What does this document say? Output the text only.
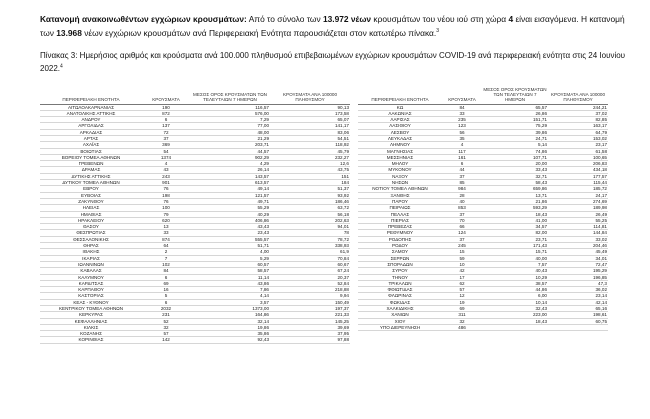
Κατανομή ανακοινωθέντων εγχώριων κρουσμάτων: Από το σύνολο των 13.972 νέων κρουσμάτων του νέου ιού στη χώρα 4 είναι εισαγόμενα. Η κατανομή των 13.968 νέων εγχώριων κρουσμάτων ανά Περιφερειακή Ενότητα παρουσιάζεται στον κατωτέρω πίνακα.$^3$
Πίνακας 3: Ημερήσιος αριθμός και κρούσματα ανά 100.000 πληθυσμού επιβεβαιωμένων εγχώριων κρουσμάτων COVID-19 ανά περιφερειακή ενότητα στις 24 Ιουνίου 2022.$^4$
ΠΕΡΙΦΕΡΕΙΑΚΗ ΕΝΟΤΗΤΑ	ΚΡΟΥΣΜΑΤΑ	ΜΕΣΟΣ ΟΡΟΣ ΚΡΟΥΣΜΑΤΩΝ ΤΩΝ ΤΕΛΕΥΤΑΙΩΝ 7 ΗΜΕΡΩΝ	ΚΡΟΥΣΜΑΤΑ ΑΝΑ 100000 ΠΛΗΘΥΣΜΟΥ
ΑΙΤΩΛΟΑΚΑΡΝΑΝΙΑΣ	190	116,57	90,13
ΑΝΑΤΟΛΙΚΗΣ ΑΤΤΙΚΗΣ	872	576,00	173,58
ΑΝΔΡΟΥ	6	7,29	65,07
ΑΡΓΟΛΙΔΑΣ	137	77,00	141,17
ΑΡΚΑΔΙΑΣ	72	48,00	83,06
ΑΡΤΑΣ	37	21,29	54,51
ΑΧΑΪΑΣ	369	203,71	118,92
ΒΟΙΩΤΙΑΣ	54	44,57	45,79
ΒΟΡΕΙΟΥ ΤΟΜΕΑ ΑΘΗΝΩΝ	1374	902,29	232,27
ΓΡΕΒΕΝΩΝ	4	4,29	12,6
ΔΡΑΜΑΣ	43	26,14	43,75
ΔΥΤΙΚΗΣ ΑΤΤΙΚΗΣ	243	143,57	151
ΔΥΤΙΚΟΥ ΤΟΜΕΑ ΑΘΗΝΩΝ	901	613,57	184
ΕΒΡΟΥ	76	49,14	51,37
ΕΥΒΟΙΑΣ	198	121,57	93,92
ΖΑΚΥΝΘΟΥ	76	49,71	186,46
ΗΛΕΙΑΣ	100	55,29	63,72
ΗΜΑΘΙΑΣ	79	40,29	56,18
ΗΡΑΚΛΕΙΟΥ	620	406,86	202,63
ΘΑΣΟΥ	13	43,43	94,01
ΘΕΣΠΡΩΤΙΑΣ	33	23,43	78
ΘΕΣΣΑΛΟΝΙΚΗΣ	874	555,57	78,72
ΘΗΡΑΣ	64	51,71	338,93
ΙΘΑΚΗΣ	2	4,00	61,9
ΙΚΑΡΙΑΣ	7	5,29	70,84
ΙΩΑΝΝΙΝΩΝ	102	60,57	60,67
ΚΑΒΑΛΑΣ	84	58,57	67,24
ΚΑΛΥΜΝΟΥ	6	11,14	20,37
ΚΑΡΔΙΤΣΑΣ	69	43,86	52,84
ΚΑΡΠΑΘΟΥ	16	7,86	218,88
ΚΑΣΤΟΡΙΑΣ	5	4,14	9,94
ΚΕΑΣ - ΚΥΘΝΟΥ	6	3,57	150,49
ΚΕΝΤΡΙΚΟΥ ΤΟΜΕΑ ΑΘΗΝΩΝ	2032	1373,00	197,37
ΚΕΡΚΥΡΑΣ	231	164,86	221,33
ΚΕΦΑΛΛΗΝΙΑΣ	52	32,14	145,25
ΚΙΛΚΙΣ	32	19,86	39,69
ΚΟΖΑΝΗΣ	57	35,86	37,95
ΚΟΡΙΝΘΙΑΣ	142	92,43	97,88
ΠΕΡΙΦΕΡΕΙΑΚΗ ΕΝΟΤΗΤΑ	ΚΡΟΥΣΜΑΤΑ	ΜΕΣΟΣ ΟΡΟΣ ΚΡΟΥΣΜΑΤΩΝ ΤΩΝ ΤΕΛΕΥΤΑΙΩΝ 7 ΗΜΕΡΩΝ	ΚΡΟΥΣΜΑΤΑ ΑΝΑ 100000 ΠΛΗΘΥΣΜΟΥ
ΚΩ	84	65,57	244,21
ΛΑΚΩΝΙΑΣ	33	26,86	37,02
ΛΑΡΙΣΑΣ	235	151,71	82,85
ΛΑΣΙΘΙΟΥ	123	75,29	163,17
ΛΕΣΒΟΥ	56	39,86	64,79
ΛΕΥΚΑΔΑΣ	35	24,71	153,02
ΛΗΜΝΟΥ	4	5,14	23,17
ΜΑΓΝΗΣΙΑΣ	117	74,86	61,58
ΜΕΣΣΗΝΙΑΣ	161	107,71	100,65
ΜΗΛΟΥ	6	20,00	206,83
ΜΥΚΟΝΟΥ	44	33,43	434,18
ΝΑΞΟΥ	37	32,71	177,57
ΝΗΣΩΝ	85	58,43	115,44
ΝΟΤΙΟΥ ΤΟΜΕΑ ΑΘΗΝΩΝ	984	659,86	185,72
ΞΑΝΘΗΣ	28	13,71	24,17
ΠΑΡΟΥ	40	21,86	274,69
ΠΕΙΡΑΙΩΣ	853	593,29	189,98
ΠΕΛΛΑΣ	37	18,43	26,49
ΠΙΕΡΙΑΣ	70	41,00	55,25
ΠΡΕΒΕΖΑΣ	66	34,57	114,81
ΡΕΘΥΜΝΟΥ	124	82,00	144,84
ΡΟΔΟΠΗΣ	37	23,71	33,02
ΡΟΔΟΥ	245	171,43	204,46
ΣΑΜΟΥ	15	15,71	45,49
ΣΕΡΡΩΝ	59	40,00	34,01
ΣΠΟΡΑΔΩΝ	10	7,57	72,47
ΣΥΡΟΥ	42	40,43	195,29
ΤΗΝΟΥ	17	10,29	196,85
ΤΡΙΚΑΛΩΝ	62	38,57	47,3
ΦΘΙΩΤΙΔΑΣ	57	44,86	36,02
ΦΛΩΡΙΝΑΣ	12	6,00	23,14
ΦΩΚΙΔΑΣ	19	10,14	42,14
ΧΑΛΚΙΔΙΚΗΣ	69	32,43	65,16
ΧΑΝΙΩΝ	311	223,00	198,61
ΧΙΟΥ	32	18,43	60,75
ΥΠΟ ΔΙΕΡΕΥΝΗΣΗ	486		
